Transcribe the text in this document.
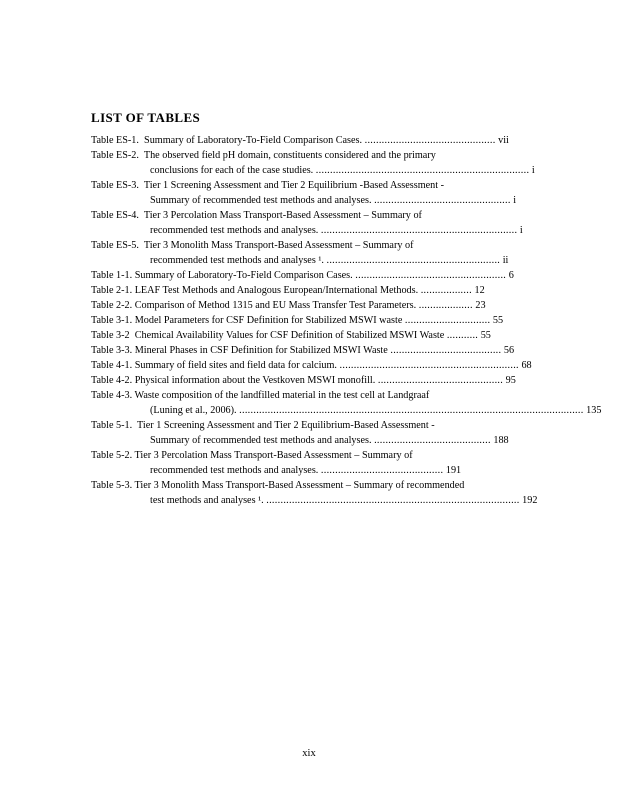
LIST OF TABLES
Table ES‑1.  Summary of Laboratory‑To‑Field Comparison Cases. .............................................. vii
Table ES‑2.  The observed field pH domain, constituents considered and the primary
conclusions for each of the case studies. ........................................................................... i
Table ES‑3.  Tier 1 Screening Assessment and Tier 2 Equilibrium ‑Based Assessment ‑
Summary of recommended test methods and analyses. ................................................ i
Table ES‑4.  Tier 3 Percolation Mass Transport‑Based Assessment – Summary of
recommended test methods and analyses. ..................................................................... i
Table ES‑5.  Tier 3 Monolith Mass Transport‑Based Assessment – Summary of
recommended test methods and analyses ¹. ............................................................. ii
Table 1‑1. Summary of Laboratory‑To‑Field Comparison Cases. ..................................................... 6
Table 2‑1. LEAF Test Methods and Analogous European/International Methods. .................. 12
Table 2‑2. Comparison of Method 1315 and EU Mass Transfer Test Parameters. ................... 23
Table 3‑1. Model Parameters for CSF Definition for Stabilized MSWI waste .............................. 55
Table 3‑2  Chemical Availability Values for CSF Definition of Stabilized MSWI Waste ........... 55
Table 3‑3. Mineral Phases in CSF Definition for Stabilized MSWI Waste ....................................... 56
Table 4‑1. Summary of field sites and field data for calcium. ............................................................... 68
Table 4‑2. Physical information about the Vestkoven MSWI monofill. ............................................ 95
Table 4‑3. Waste composition of the landfilled material in the test cell at Landgraaf
(Luning et al., 2006). ......................................................................................................................... 135
Table 5‑1.  Tier 1 Screening Assessment and Tier 2 Equilibrium‑Based Assessment ‑
Summary of recommended test methods and analyses. ......................................... 188
Table 5‑2. Tier 3 Percolation Mass Transport‑Based Assessment – Summary of
recommended test methods and analyses. ........................................... 191
Table 5‑3. Tier 3 Monolith Mass Transport‑Based Assessment – Summary of recommended
test methods and analyses ¹. ......................................................................................... 192
xix
